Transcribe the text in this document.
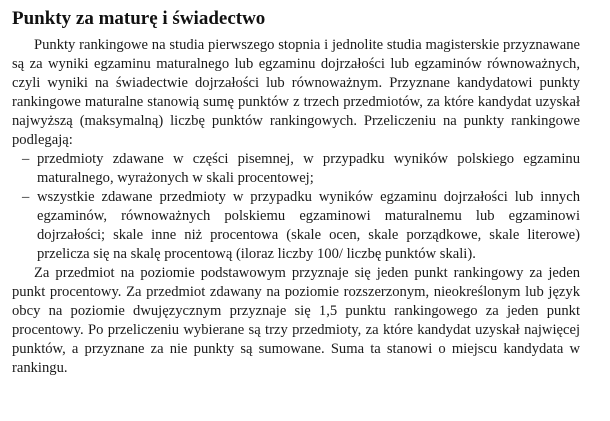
Punkty za maturę i świadectwo

Punkty rankingowe na studia pierwszego stopnia i jednolite studia magisterskie przyznawane są za wyniki egzaminu maturalnego lub egzaminu dojrzałości lub egzaminów równoważnych, czyli wyniki na świadectwie dojrzałości lub równoważnym. Przyznane kandydatowi punkty rankingowe maturalne stanowią sumę punktów z trzech przedmiotów, za które kandydat uzyskał najwyższą (maksymalną) liczbę punktów rankingowych. Przeliczeniu na punkty rankingowe podlegają:

– przedmioty zdawane w części pisemnej, w przypadku wyników polskiego egzaminu maturalnego, wyrażonych w skali procentowej;
– wszystkie zdawane przedmioty w przypadku wyników egzaminu dojrzałości lub innych egzaminów, równoważnych polskiemu egzaminowi maturalnemu lub egzaminowi dojrzałości; skale inne niż procentowa (skale ocen, skale porządkowe, skale literowe) przelicza się na skalę procentową (iloraz liczby 100/ liczbę punktów skali).

Za przedmiot na poziomie podstawowym przyznaje się jeden punkt rankingowy za jeden punkt procentowy. Za przedmiot zdawany na poziomie rozszerzonym, nieokreślonym lub język obcy na poziomie dwujęzycznym przyznaje się 1,5 punktu rankingowego za jeden punkt procentowy. Po przeliczeniu wybierane są trzy przedmioty, za które kandydat uzyskał najwięcej punktów, a przyznane za nie punkty są sumowane. Suma ta stanowi o miejscu kandydata w rankingu.
